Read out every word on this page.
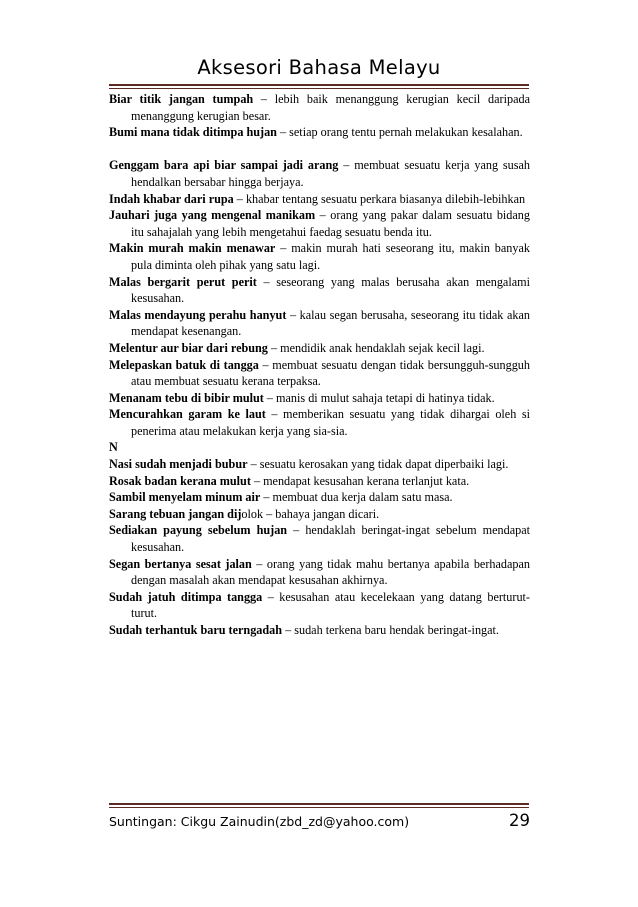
Aksesori Bahasa Melayu

Biar titik jangan tumpah – lebih baik menanggung kerugian kecil daripada menanggung kerugian besar.

Bumi mana tidak ditimpa hujan – setiap orang tentu pernah melakukan kesalahan.

Genggam bara api biar sampai jadi arang – membuat sesuatu kerja yang susah hendalkan bersabar hingga berjaya.

Indah khabar dari rupa – khabar tentang sesuatu perkara biasanya dilebih-lebihkan

Jauhari juga yang mengenal manikam – orang yang pakar dalam sesuatu bidang itu sahajalah yang lebih mengetahui faedag sesuatu benda itu.

Makin murah makin menawar – makin murah hati seseorang itu, makin banyak pula diminta oleh pihak yang satu lagi.

Malas bergarit perut perit – seseorang yang malas berusaha akan mengalami kesusahan.

Malas mendayung perahu hanyut – kalau segan berusaha, seseorang itu tidak akan mendapat kesenangan.

Melentur aur biar dari rebung – mendidik anak hendaklah sejak kecil lagi.

Melepaskan batuk di tangga – membuat sesuatu dengan tidak bersungguh-sungguh atau membuat sesuatu kerana terpaksa.

Menanam tebu di bibir mulut – manis di mulut sahaja tetapi di hatinya tidak.

Mencurahkan garam ke laut – memberikan sesuatu yang tidak dihargai oleh si penerima atau melakukan kerja yang sia-sia.

N

Nasi sudah menjadi bubur – sesuatu kerosakan yang tidak dapat diperbaiki lagi.

Rosak badan kerana mulut – mendapat kesusahan kerana terlanjut kata.

Sambil menyelam minum air – membuat dua kerja dalam satu masa.

Sarang tebuan jangan dijolok – bahaya jangan dicari.

Sediakan payung sebelum hujan – hendaklah beringat-ingat sebelum mendapat kesusahan.

Segan bertanya sesat jalan – orang yang tidak mahu bertanya apabila berhadapan dengan masalah akan mendapat kesusahan akhirnya.

Sudah jatuh ditimpa tangga – kesusahan atau kecelekaan yang datang berturut-turut.

Sudah terhantuk baru terngadah – sudah terkena baru hendak beringat-ingat.

Suntingan: Cikgu Zainudin(zbd_zd@yahoo.com)	29
